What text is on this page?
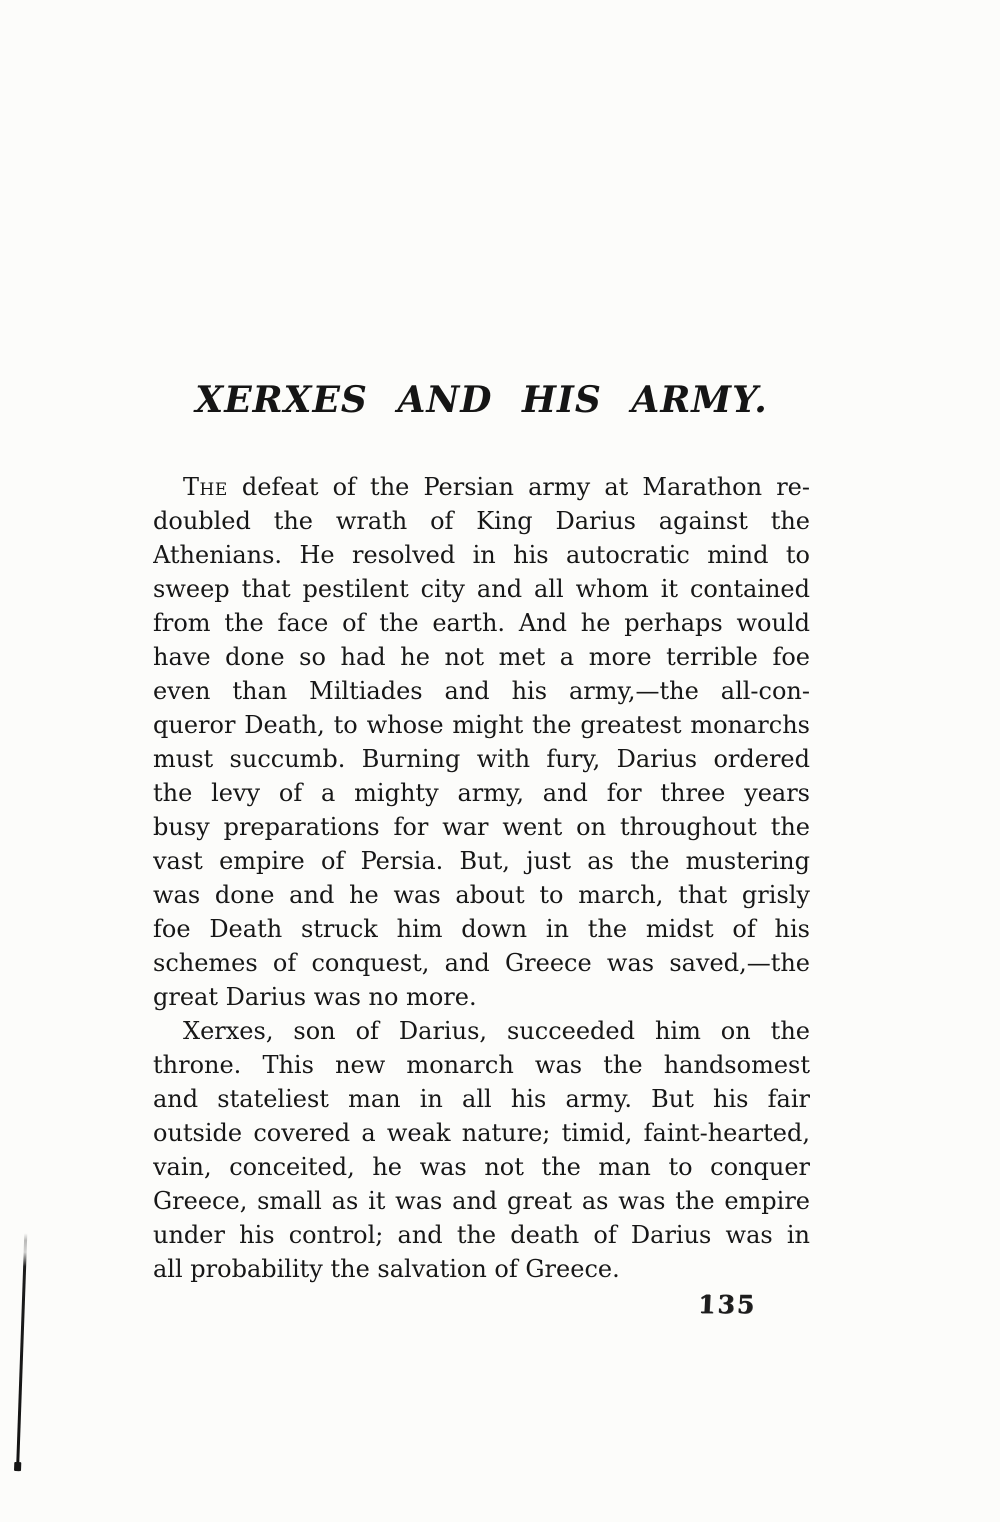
XERXES AND HIS ARMY.
The defeat of the Persian army at Marathon re-
doubled the wrath of King Darius against the
Athenians. He resolved in his autocratic mind to
sweep that pestilent city and all whom it contained
from the face of the earth. And he perhaps would
have done so had he not met a more terrible foe
even than Miltiades and his army,—the all-con-
queror Death, to whose might the greatest monarchs
must succumb. Burning with fury, Darius ordered
the levy of a mighty army, and for three years
busy preparations for war went on throughout the
vast empire of Persia. But, just as the mustering
was done and he was about to march, that grisly
foe Death struck him down in the midst of his
schemes of conquest, and Greece was saved,—the
great Darius was no more.
Xerxes, son of Darius, succeeded him on the
throne. This new monarch was the handsomest
and stateliest man in all his army. But his fair
outside covered a weak nature; timid, faint-hearted,
vain, conceited, he was not the man to conquer
Greece, small as it was and great as was the empire
under his control; and the death of Darius was in
all probability the salvation of Greece.
135
